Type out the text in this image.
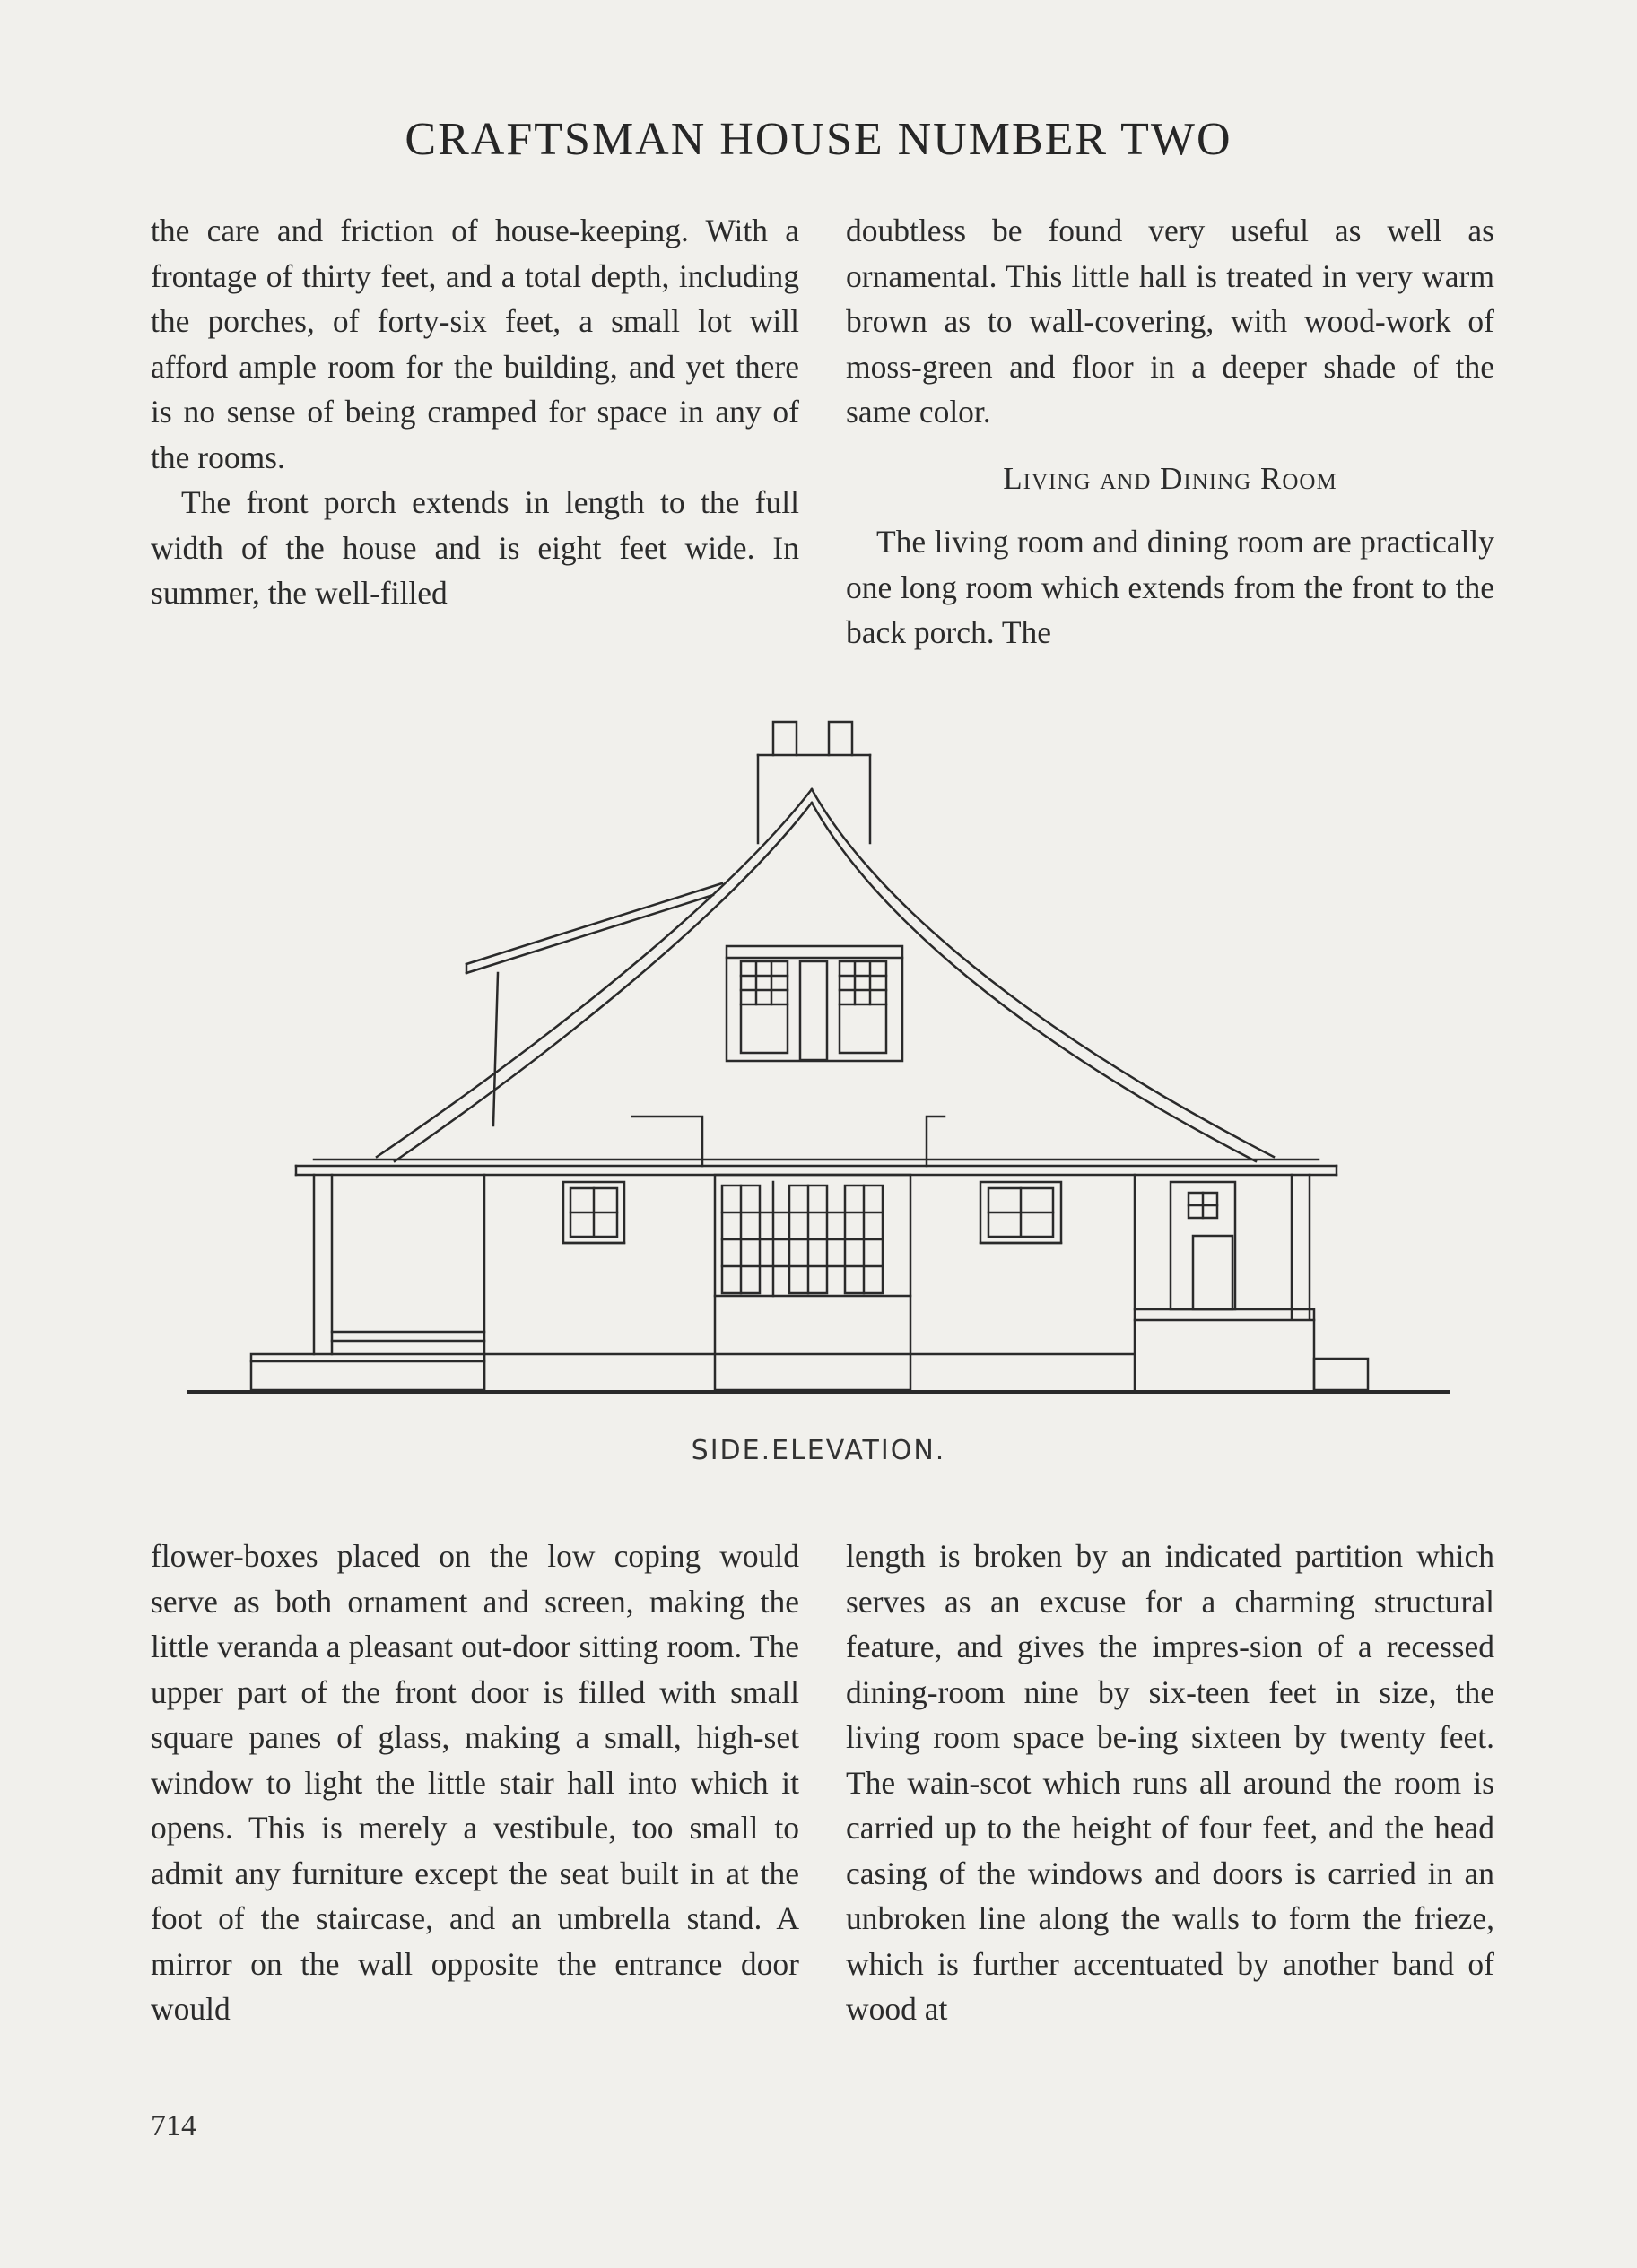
CRAFTSMAN HOUSE NUMBER TWO

the care and friction of house-keeping. With a frontage of thirty feet, and a total depth, including the porches, of forty-six feet, a small lot will afford ample room for the building, and yet there is no sense of being cramped for space in any of the rooms.

The front porch extends in length to the full width of the house and is eight feet wide. In summer, the well-filled

doubtless be found very useful as well as ornamental. This little hall is treated in very warm brown as to wall-covering, with wood-work of moss-green and floor in a deeper shade of the same color.

Living and Dining Room

The living room and dining room are practically one long room which extends from the front to the back porch. The

SIDE.ELEVATION.

flower-boxes placed on the low coping would serve as both ornament and screen, making the little veranda a pleasant out-door sitting room. The upper part of the front door is filled with small square panes of glass, making a small, high-set window to light the little stair hall into which it opens. This is merely a vestibule, too small to admit any furniture except the seat built in at the foot of the staircase, and an umbrella stand. A mirror on the wall opposite the entrance door would

length is broken by an indicated partition which serves as an excuse for a charming structural feature, and gives the impres-sion of a recessed dining-room nine by six-teen feet in size, the living room space be-ing sixteen by twenty feet. The wain-scot which runs all around the room is carried up to the height of four feet, and the head casing of the windows and doors is carried in an unbroken line along the walls to form the frieze, which is further accentuated by another band of wood at

714
